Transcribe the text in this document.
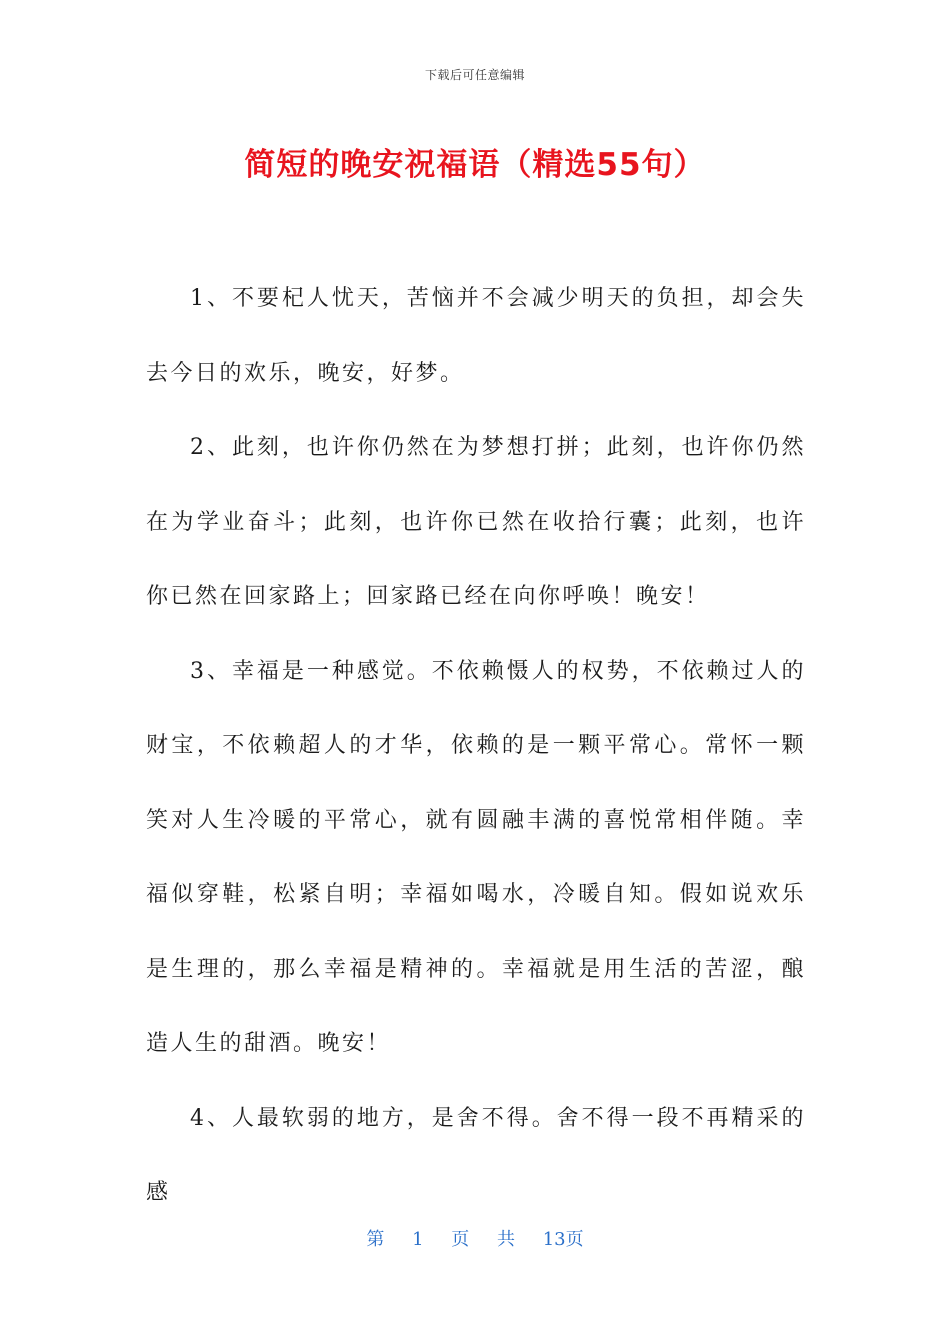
下载后可任意编辑
简短的晚安祝福语（精选55句）

1、不要杞人忧天，苦恼并不会减少明天的负担，却会失去今日的欢乐，晚安，好梦。

2、此刻，也许你仍然在为梦想打拼；此刻，也许你仍然在为学业奋斗；此刻，也许你已然在收拾行囊；此刻，也许你已然在回家路上；回家路已经在向你呼唤！晚安！

3、幸福是一种感觉。不依赖慑人的权势，不依赖过人的财宝，不依赖超人的才华，依赖的是一颗平常心。常怀一颗笑对人生冷暖的平常心，就有圆融丰满的喜悦常相伴随。幸福似穿鞋，松紧自明；幸福如喝水，冷暖自知。假如说欢乐是生理的，那么幸福是精神的。幸福就是用生活的苦涩，酿造人生的甜酒。晚安！

4、人最软弱的地方，是舍不得。舍不得一段不再精采的感

第 1 页 共 13页
